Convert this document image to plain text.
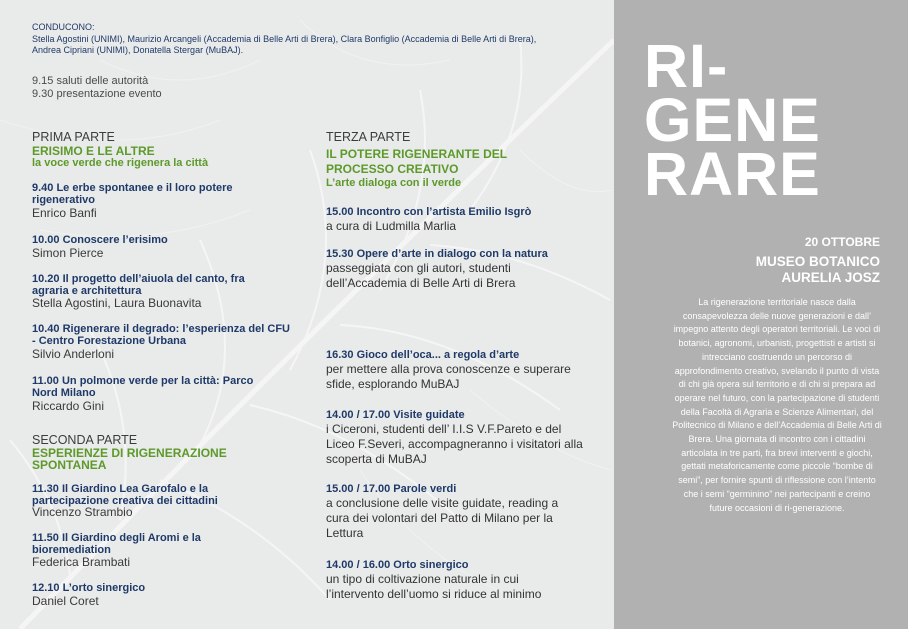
CONDUCONO:
Stella Agostini (UNIMI), Maurizio Arcangeli (Accademia di Belle Arti di Brera), Clara Bonfiglio (Accademia di Belle Arti di Brera),
Andrea Cipriani (UNIMI), Donatella Stergar (MuBAJ).
9.15 saluti delle autorità
9.30 presentazione evento
PRIMA PARTE
ERISIMO E LE ALTRE
la voce verde che rigenera la città
9.40 Le erbe spontanee e il loro potere rigenerativo
Enrico Banfi
10.00 Conoscere l’erisimo
Simon Pierce
10.20 Il progetto dell’aiuola del canto, fra agraria e architettura
Stella Agostini, Laura Buonavita
10.40 Rigenerare il degrado: l’esperienza del CFU - Centro Forestazione Urbana
Silvio Anderloni
11.00 Un polmone verde per la città: Parco Nord Milano
Riccardo Gini
SECONDA PARTE
ESPERIENZE DI RIGENERAZIONE SPONTANEA
11.30 Il Giardino Lea Garofalo e la partecipazione creativa dei cittadini
Vincenzo Strambio
11.50 Il Giardino degli Aromi e la bioremediation
Federica Brambati
12.10 L’orto sinergico
Daniel Coret
TERZA PARTE
IL POTERE RIGENERANTE DEL
PROCESSO CREATIVO
L’arte dialoga con il verde
15.00 Incontro con l’artista Emilio Isgrò
a cura di Ludmilla Marlia
15.30 Opere d’arte in dialogo con la natura
passeggiata con gli autori, studenti dell’Accademia di Belle Arti di Brera
16.30 Gioco dell’oca... a regola d’arte
per mettere alla prova conoscenze e superare sfide, esplorando MuBAJ
14.00 / 17.00 Visite guidate
i Ciceroni, studenti dell’ I.I.S V.F.Pareto e del Liceo F.Severi, accompagneranno i visitatori alla scoperta di MuBAJ
15.00 / 17.00 Parole verdi
a conclusione delle visite guidate, reading a cura dei volontari del Patto di Milano per la Lettura
14.00 / 16.00 Orto sinergico
un tipo di coltivazione naturale in cui l’intervento dell’uomo si riduce al minimo
RI-
GENE
RARE
20 OTTOBRE
MUSEO BOTANICO
AURELIA JOSZ
La rigenerazione territoriale nasce dalla consapevolezza delle nuove generazioni e dall’ impegno attento degli operatori territoriali. Le voci di botanici, agronomi, urbanisti, progettisti e artisti si intrecciano costruendo un percorso di approfondimento creativo, svelando il punto di vista di chi già opera sul territorio e di chi si prepara ad operare nel futuro, con la partecipazione di studenti della Facoltà di Agraria e Scienze Alimentari, del Politecnico di Milano e dell’Accademia di Belle Arti di Brera. Una giornata di incontro con i cittadini articolata in tre parti, fra brevi interventi e giochi, gettati metaforicamente come piccole “bombe di semi”, per fornire spunti di riflessione con l’intento che i semi “germinino” nei partecipanti e creino future occasioni di ri-generazione.
